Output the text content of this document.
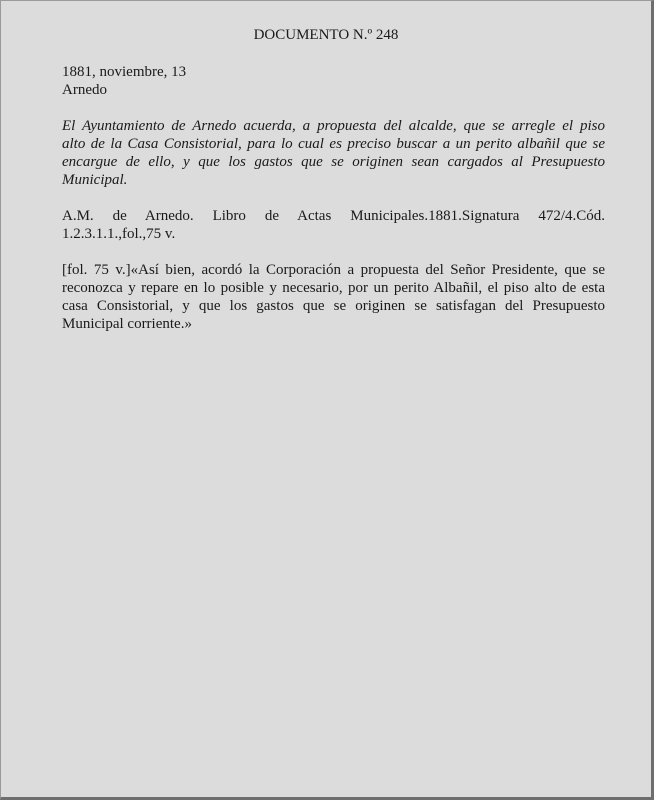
DOCUMENTO N.º 248
1881, noviembre, 13
Arnedo
El Ayuntamiento de Arnedo acuerda, a propuesta del alcalde, que se arregle el piso
alto de la Casa Consistorial, para lo cual es preciso buscar a un perito albañil que se
encargue de ello, y que los gastos que se originen sean cargados al Presupuesto
Municipal.
A.M. de Arnedo. Libro de Actas Municipales.1881.Signatura 472/4.Cód.
1.2.3.1.1.,fol.,75 v.
[fol. 75 v.]«Así bien, acordó la Corporación a propuesta del Señor Presidente, que se
reconozca y repare en lo posible y necesario, por un perito Albañil, el piso alto de esta
casa Consistorial, y que los gastos que se originen se satisfagan del Presupuesto
Municipal corriente.»
